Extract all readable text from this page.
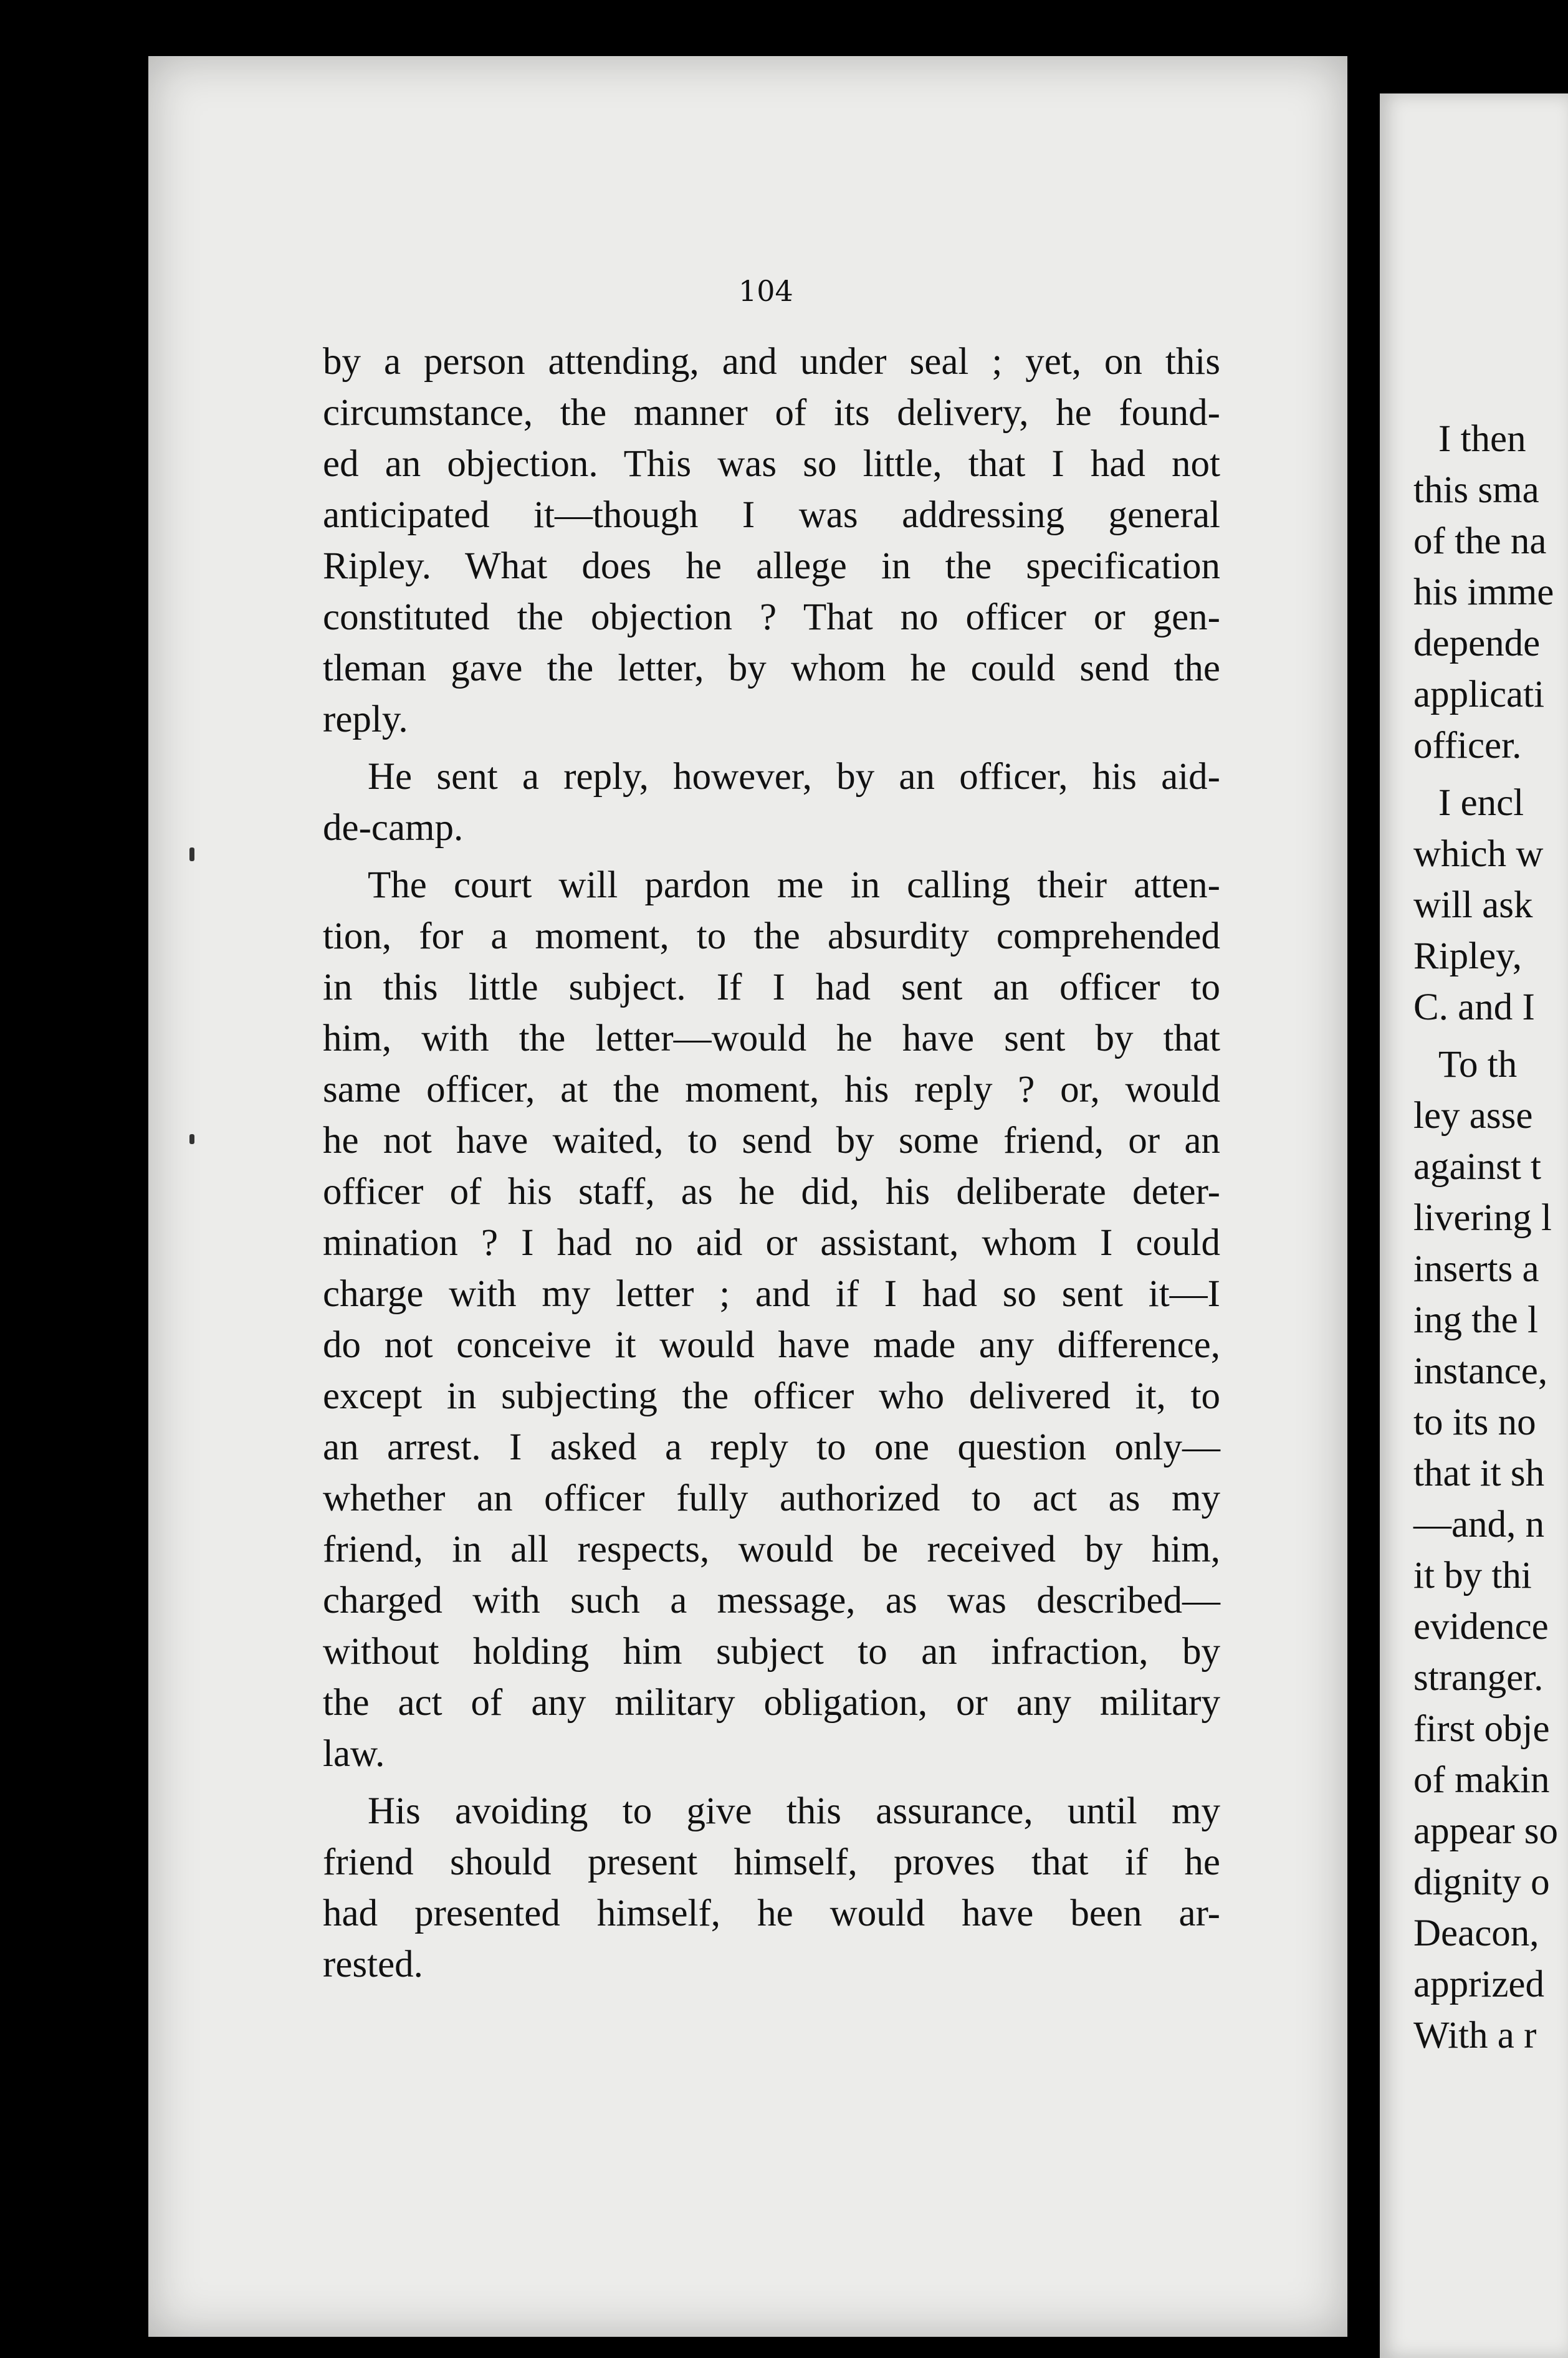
104
by a person attending, and under seal ; yet, on this
circumstance, the manner of its delivery, he found-
ed an objection. This was so little, that I had not
anticipated it—though I was addressing general
Ripley. What does he allege in the specification
constituted the objection ? That no officer or gen-
tleman gave the letter, by whom he could send the
reply.
He sent a reply, however, by an officer, his aid-
de-camp.
The court will pardon me in calling their atten-
tion, for a moment, to the absurdity comprehended
in this little subject. If I had sent an officer to
him, with the letter—would he have sent by that
same officer, at the moment, his reply ? or, would
he not have waited, to send by some friend, or an
officer of his staff, as he did, his deliberate deter-
mination ? I had no aid or assistant, whom I could
charge with my letter ; and if I had so sent it—I
do not conceive it would have made any difference,
except in subjecting the officer who delivered it, to
an arrest. I asked a reply to one question only—
whether an officer fully authorized to act as my
friend, in all respects, would be received by him,
charged with such a message, as was described—
without holding him subject to an infraction, by
the act of any military obligation, or any military
law.
His avoiding to give this assurance, until my
friend should present himself, proves that if he
had presented himself, he would have been ar-
rested.
I then
this sma
of the na
his imme
depende
applicati
officer.
I encl
which w
will ask
Ripley,
C. and I
To th
ley asse
against t
livering l
inserts a
ing the l
instance,
to its no
that it sh
—and, n
it by thi
evidence
stranger.
first obje
of makin
appear so
dignity o
Deacon,
apprized
With a r
